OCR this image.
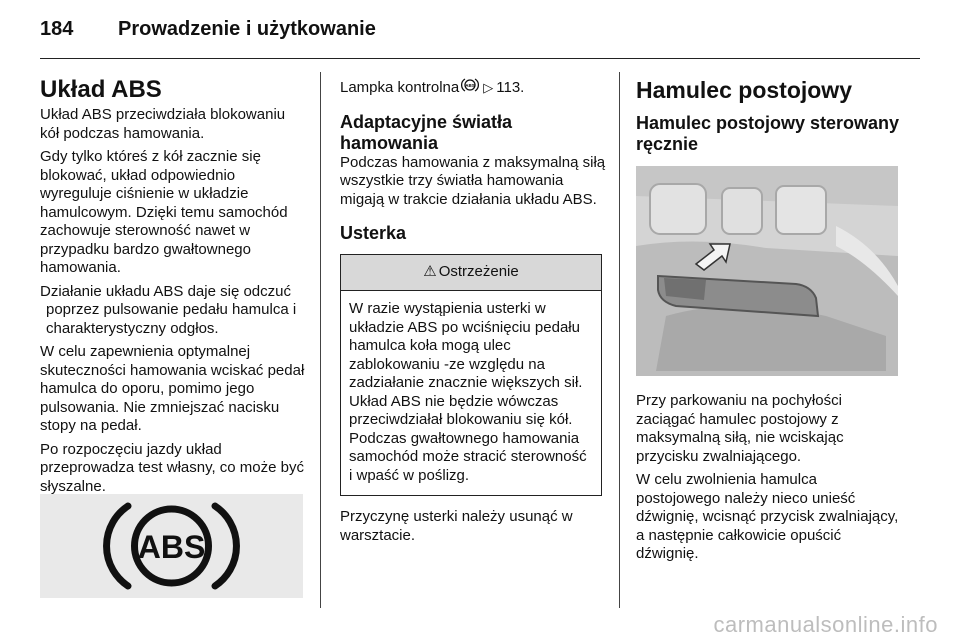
184	Prowadzenie i użytkowanie
Układ ABS

Układ ABS przeciwdziała blokowaniu kół podczas hamowania.

Gdy tylko któreś z kół zacznie się blokować, układ odpowiednio wyreguluje ciśnienie w układzie hamulcowym. Dzięki temu samochód zachowuje sterowność nawet w przypadku bardzo gwałtownego hamowania.

Działanie układu ABS daje się odczuć poprzez pulsowanie pedału hamulca i charakterystyczny odgłos.

W celu zapewnienia optymalnej skuteczności hamowania wciskać pedał hamulca do oporu, pomimo jego pulsowania. Nie zmniejszać nacisku stopy na pedał.

Po rozpoczęciu jazdy układ przeprowadza test własny, co może być słyszalne.

ABS

Lampka kontrolna ABS ▷ 113.

Adaptacyjne światła hamowania

Podczas hamowania z maksymalną siłą wszystkie trzy światła hamowania migają w trakcie działania układu ABS.

Usterka
⚠ Ostrzeżenie
W razie wystąpienia usterki w układzie ABS po wciśnięciu pedału hamulca koła mogą ulec zablokowaniu -ze względu na zadziałanie znacznie większych sił. Układ ABS nie będzie wówczas przeciwdziałał blokowaniu się kół. Podczas gwałtownego hamowania samochód może stracić sterowność i wpaść w poślizg.

Przyczynę usterki należy usunąć w warsztacie.

Hamulec postojowy
Hamulec postojowy sterowany ręcznie

Przy parkowaniu na pochyłości zaciągać hamulec postojowy z maksymalną siłą, nie wciskając przycisku zwalniającego.

W celu zwolnienia hamulca postojowego należy nieco unieść dźwignię, wcisnąć przycisk zwalniający, a następnie całkowicie opuścić dźwignię.

carmanualsonline.info
